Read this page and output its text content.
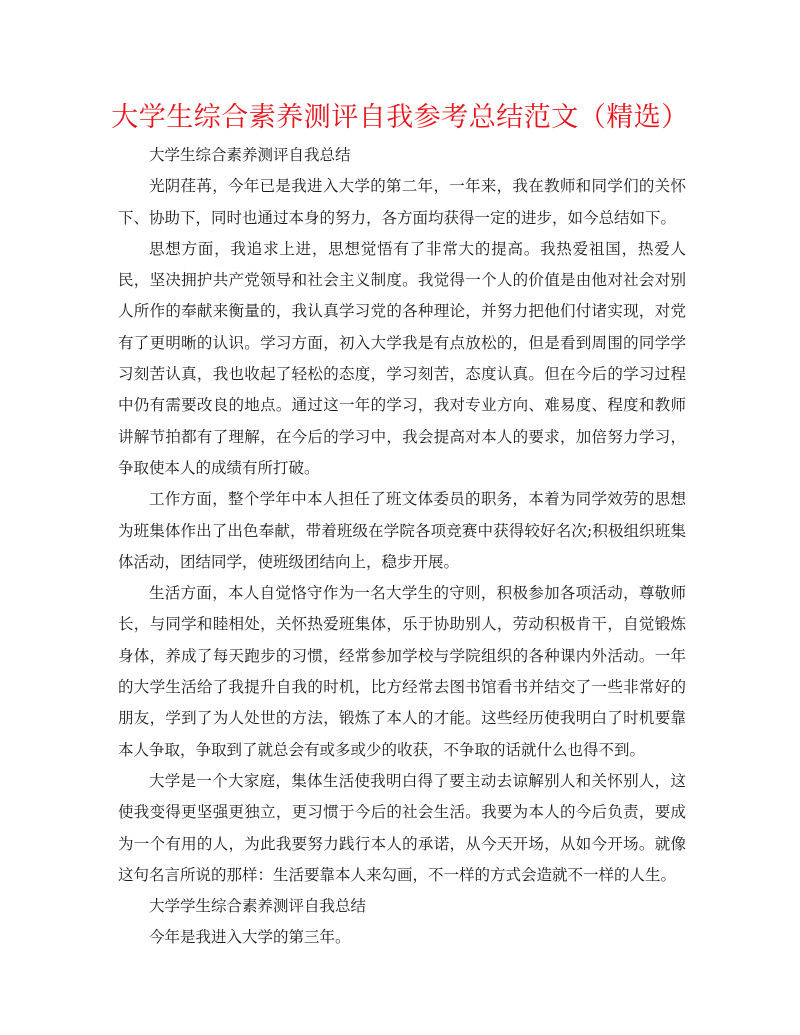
大学生综合素养测评自我参考总结范文（精选）

大学生综合素养测评自我总结

光阴荏苒，今年已是我进入大学的第二年，一年来，我在教师和同学们的关怀下、协助下，同时也通过本身的努力，各方面均获得一定的进步，如今总结如下。

思想方面，我追求上进，思想觉悟有了非常大的提高。我热爱祖国，热爱人民，坚决拥护共产党领导和社会主义制度。我觉得一个人的价值是由他对社会对别人所作的奉献来衡量的，我认真学习党的各种理论，并努力把他们付诸实现，对党有了更明晰的认识。学习方面，初入大学我是有点放松的，但是看到周围的同学学习刻苦认真，我也收起了轻松的态度，学习刻苦，态度认真。但在今后的学习过程中仍有需要改良的地点。通过这一年的学习，我对专业方向、难易度、程度和教师讲解节拍都有了理解，在今后的学习中，我会提高对本人的要求，加倍努力学习，争取使本人的成绩有所打破。

工作方面，整个学年中本人担任了班文体委员的职务，本着为同学效劳的思想为班集体作出了出色奉献，带着班级在学院各项竞赛中获得较好名次;积极组织班集体活动，团结同学，使班级团结向上，稳步开展。

生活方面，本人自觉恪守作为一名大学生的守则，积极参加各项活动，尊敬师长，与同学和睦相处，关怀热爱班集体，乐于协助别人，劳动积极肯干，自觉锻炼身体，养成了每天跑步的习惯，经常参加学校与学院组织的各种课内外活动。一年的大学生活给了我提升自我的时机，比方经常去图书馆看书并结交了一些非常好的朋友，学到了为人处世的方法，锻炼了本人的才能。这些经历使我明白了时机要靠本人争取，争取到了就总会有或多或少的收获，不争取的话就什么也得不到。

大学是一个大家庭，集体生活使我明白得了要主动去谅解别人和关怀别人，这使我变得更坚强更独立，更习惯于今后的社会生活。我要为本人的今后负责，要成为一个有用的人，为此我要努力践行本人的承诺，从今天开场，从如今开场。就像这句名言所说的那样：生活要靠本人来勾画，不一样的方式会造就不一样的人生。

大学学生综合素养测评自我总结

今年是我进入大学的第三年。
